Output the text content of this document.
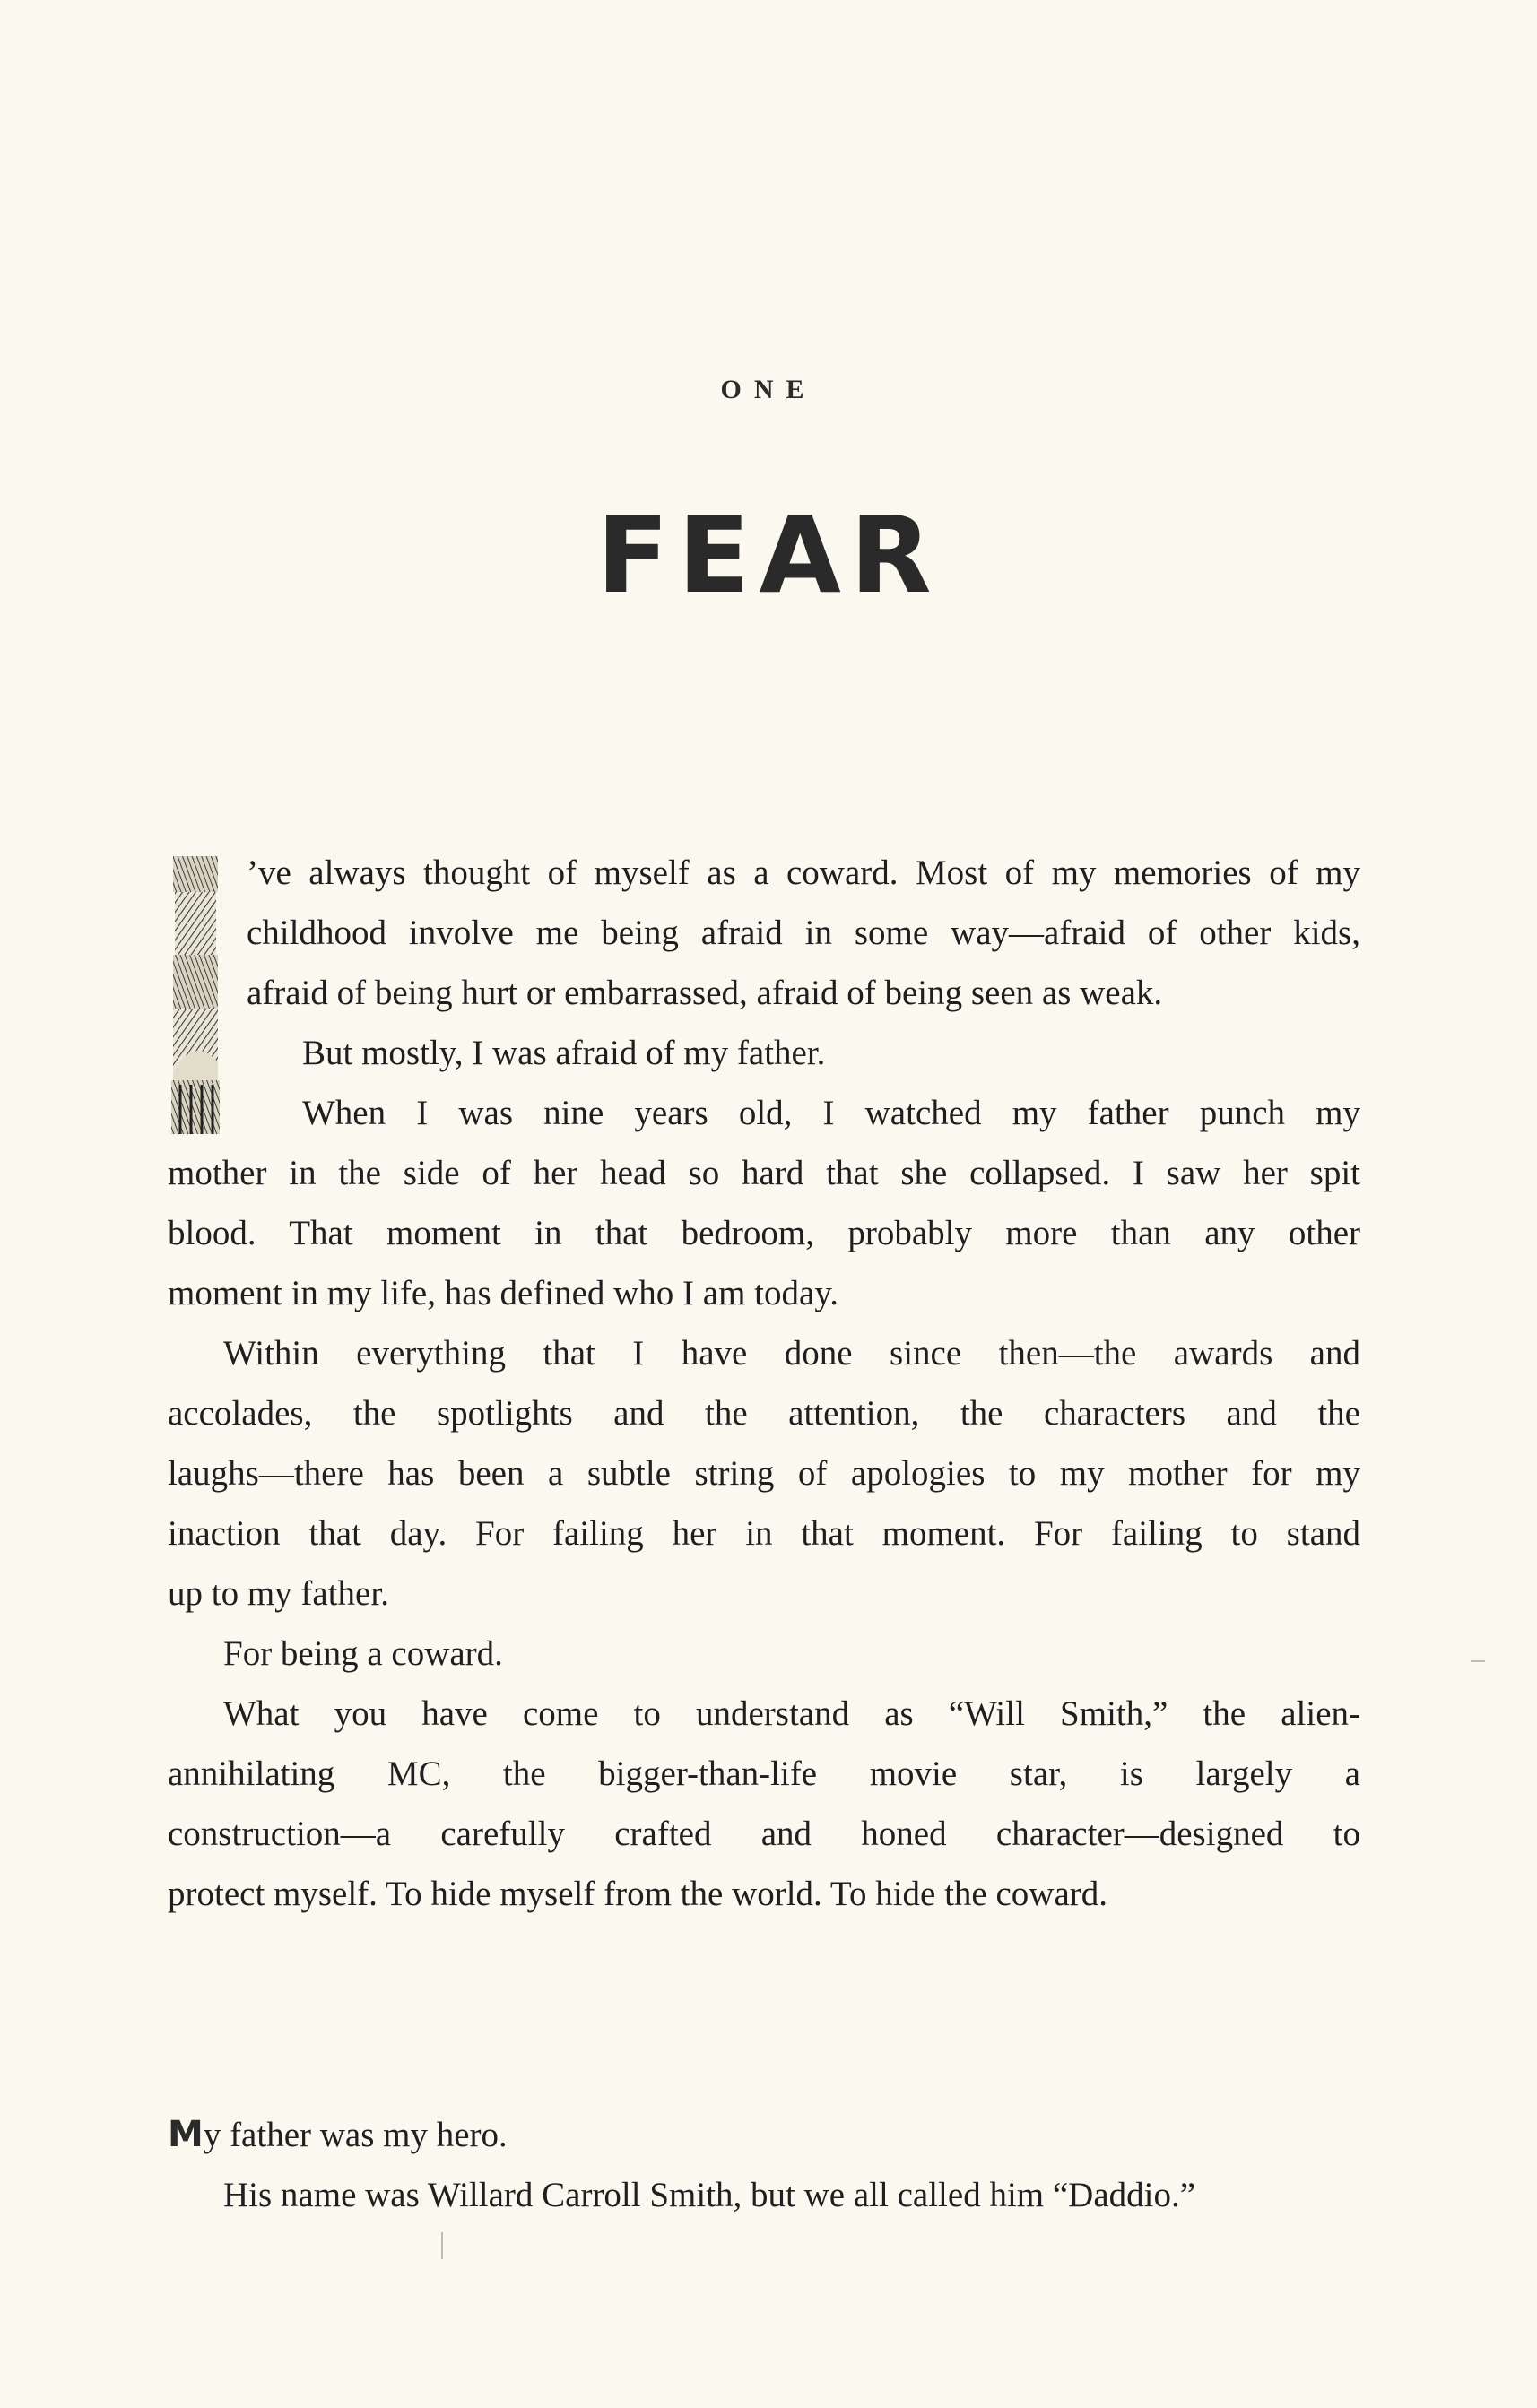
ONE
FEAR
’ve always thought of myself as a coward. Most of my memories of my
childhood involve me being afraid in some way—afraid of other kids,
afraid of being hurt or embarrassed, afraid of being seen as weak.
But mostly, I was afraid of my father.
When I was nine years old, I watched my father punch my
mother in the side of her head so hard that she collapsed. I saw her spit
blood. That moment in that bedroom, probably more than any other
moment in my life, has defined who I am today.
Within everything that I have done since then—the awards and
accolades, the spotlights and the attention, the characters and the
laughs—there has been a subtle string of apologies to my mother for my
inaction that day. For failing her in that moment. For failing to stand
up to my father.
For being a coward.
What you have come to understand as “Will Smith,” the alien-
annihilating MC, the bigger-than-life movie star, is largely a
construction—a carefully crafted and honed character—designed to
protect myself. To hide myself from the world. To hide the coward.
My father was my hero.
His name was Willard Carroll Smith, but we all called him “Daddio.”
